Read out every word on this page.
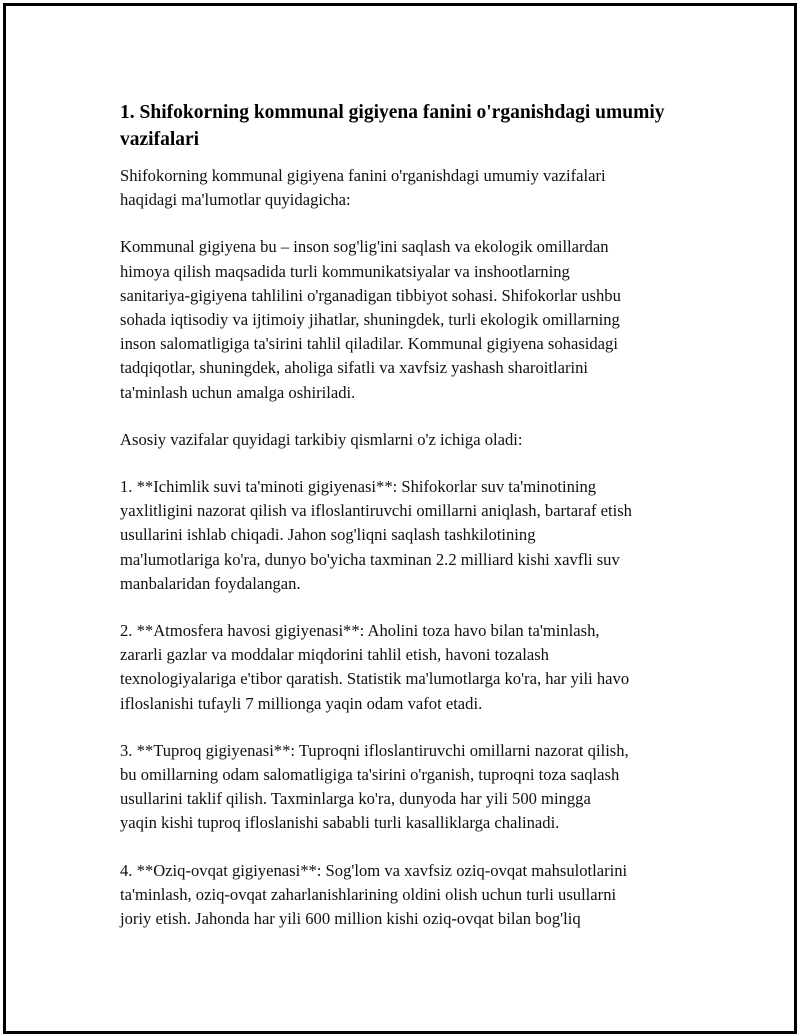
1. Shifokorning kommunal gigiyena fanini o'rganishdagi umumiy vazifalari

Shifokorning kommunal gigiyena fanini o'rganishdagi umumiy vazifalari
haqidagi ma'lumotlar quyidagicha:

Kommunal gigiyena bu – inson sog'lig'ini saqlash va ekologik omillardan
himoya qilish maqsadida turli kommunikatsiyalar va inshootlarning
sanitariya-gigiyena tahlilini o'rganadigan tibbiyot sohasi. Shifokorlar ushbu
sohada iqtisodiy va ijtimoiy jihatlar, shuningdek, turli ekologik omillarning
inson salomatligiga ta'sirini tahlil qiladilar. Kommunal gigiyena sohasidagi
tadqiqotlar, shuningdek, aholiga sifatli va xavfsiz yashash sharoitlarini
ta'minlash uchun amalga oshiriladi.

Asosiy vazifalar quyidagi tarkibiy qismlarni o'z ichiga oladi:

1. **Ichimlik suvi ta'minoti gigiyenasi**: Shifokorlar suv ta'minotining
yaxlitligini nazorat qilish va ifloslantiruvchi omillarni aniqlash, bartaraf etish
usullarini ishlab chiqadi. Jahon sog'liqni saqlash tashkilotining
ma'lumotlariga ko'ra, dunyo bo'yicha taxminan 2.2 milliard kishi xavfli suv
manbalaridan foydalangan.

2. **Atmosfera havosi gigiyenasi**: Aholini toza havo bilan ta'minlash,
zararli gazlar va moddalar miqdorini tahlil etish, havoni tozalash
texnologiyalariga e'tibor qaratish. Statistik ma'lumotlarga ko'ra, har yili havo
ifloslanishi tufayli 7 millionga yaqin odam vafot etadi.

3. **Tuproq gigiyenasi**: Tuproqni ifloslantiruvchi omillarni nazorat qilish,
bu omillarning odam salomatligiga ta'sirini o'rganish, tuproqni toza saqlash
usullarini taklif qilish. Taxminlarga ko'ra, dunyoda har yili 500 mingga
yaqin kishi tuproq ifloslanishi sababli turli kasalliklarga chalinadi.

4. **Oziq-ovqat gigiyenasi**: Sog'lom va xavfsiz oziq-ovqat mahsulotlarini
ta'minlash, oziq-ovqat zaharlanishlarining oldini olish uchun turli usullarni
joriy etish. Jahonda har yili 600 million kishi oziq-ovqat bilan bog'liq
